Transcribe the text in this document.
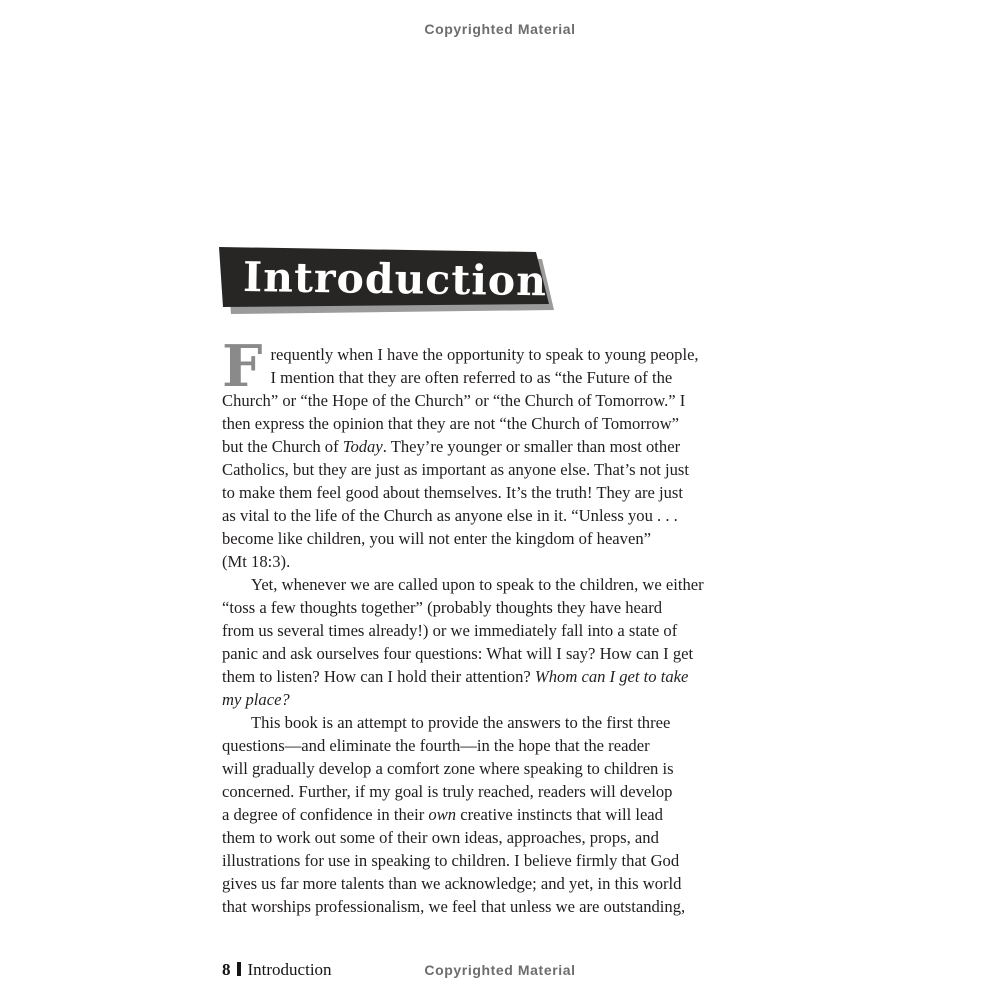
Copyrighted Material
Introduction
Frequently when I have the opportunity to speak to young people,
I mention that they are often referred to as “the Future of the
Church” or “the Hope of the Church” or “the Church of Tomorrow.” I
then express the opinion that they are not “the Church of Tomorrow”
but the Church of Today. They’re younger or smaller than most other
Catholics, but they are just as important as anyone else. That’s not just
to make them feel good about themselves. It’s the truth! They are just
as vital to the life of the Church as anyone else in it. “Unless you . . .
become like children, you will not enter the kingdom of heaven”
(Mt 18:3).

Yet, whenever we are called upon to speak to the children, we either
“toss a few thoughts together” (probably thoughts they have heard
from us several times already!) or we immediately fall into a state of
panic and ask ourselves four questions: What will I say? How can I get
them to listen? How can I hold their attention? Whom can I get to take
my place?

This book is an attempt to provide the answers to the first three
questions—and eliminate the fourth—in the hope that the reader
will gradually develop a comfort zone where speaking to children is
concerned. Further, if my goal is truly reached, readers will develop
a degree of confidence in their own creative instincts that will lead
them to work out some of their own ideas, approaches, props, and
illustrations for use in speaking to children. I believe firmly that God
gives us far more talents than we acknowledge; and yet, in this world
that worships professionalism, we feel that unless we are outstanding,

8 Introduction	Copyrighted Material
